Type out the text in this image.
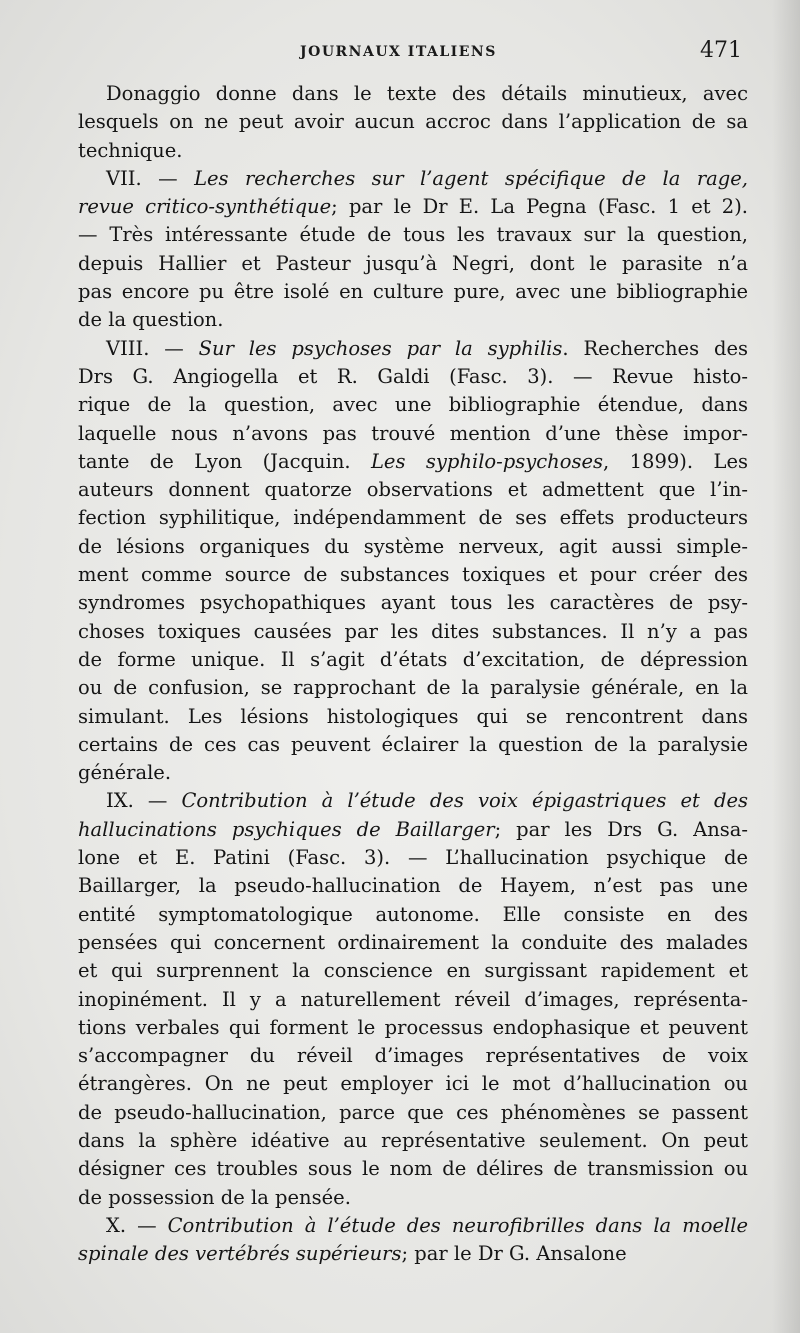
JOURNAUX ITALIENS	471
Donaggio donne dans le texte des détails minutieux, avec
lesquels on ne peut avoir aucun accroc dans l’application de sa
technique.
VII. — Les recherches sur l’agent spécifique de la rage,
revue critico-synthétique; par le Dr E. La Pegna (Fasc. 1 et 2).
— Très intéressante étude de tous les travaux sur la question,
depuis Hallier et Pasteur jusqu’à Negri, dont le parasite n’a
pas encore pu être isolé en culture pure, avec une bibliographie
de la question.
VIII. — Sur les psychoses par la syphilis. Recherches des
Drs G. Angiogella et R. Galdi (Fasc. 3). — Revue histo-
rique de la question, avec une bibliographie étendue, dans
laquelle nous n’avons pas trouvé mention d’une thèse impor-
tante de Lyon (Jacquin. Les syphilo-psychoses, 1899). Les
auteurs donnent quatorze observations et admettent que l’in-
fection syphilitique, indépendamment de ses effets producteurs
de lésions organiques du système nerveux, agit aussi simple-
ment comme source de substances toxiques et pour créer des
syndromes psychopathiques ayant tous les caractères de psy-
choses toxiques causées par les dites substances. Il n’y a pas
de forme unique. Il s’agit d’états d’excitation, de dépression
ou de confusion, se rapprochant de la paralysie générale, en la
simulant. Les lésions histologiques qui se rencontrent dans
certains de ces cas peuvent éclairer la question de la paralysie
générale.
IX. — Contribution à l’étude des voix épigastriques et des
hallucinations psychiques de Baillarger; par les Drs G. Ansa-
lone et E. Patini (Fasc. 3). — L’hallucination psychique de
Baillarger, la pseudo-hallucination de Hayem, n’est pas une
entité symptomatologique autonome. Elle consiste en des
pensées qui concernent ordinairement la conduite des malades
et qui surprennent la conscience en surgissant rapidement et
inopinément. Il y a naturellement réveil d’images, représenta-
tions verbales qui forment le processus endophasique et peuvent
s’accompagner du réveil d’images représentatives de voix
étrangères. On ne peut employer ici le mot d’hallucination ou
de pseudo-hallucination, parce que ces phénomènes se passent
dans la sphère idéative au représentative seulement. On peut
désigner ces troubles sous le nom de délires de transmission ou
de possession de la pensée.
X. — Contribution à l’étude des neurofibrilles dans la moelle
spinale des vertébrés supérieurs; par le Dr G. Ansalone
